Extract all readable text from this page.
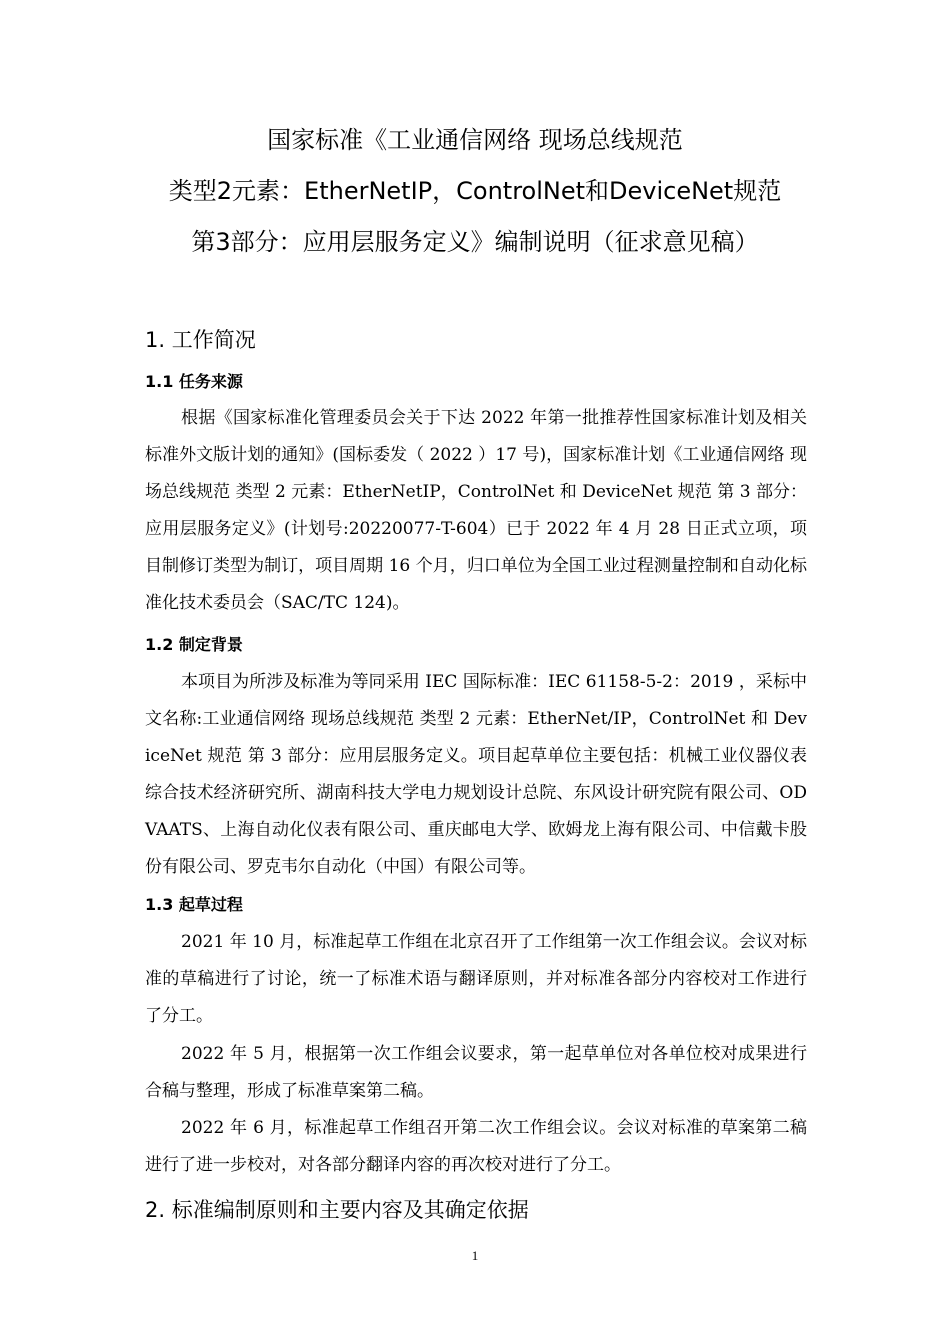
国家标准《工业通信网络 现场总线规范
类型2元素：EtherNetIP，ControlNet和DeviceNet规范
第3部分：应用层服务定义》编制说明（征求意见稿）
1. 工作简况
1.1 任务来源
根据《国家标准化管理委员会关于下达 2022 年第一批推荐性国家标准计划及相关标准外文版计划的通知》(国标委发（ 2022 ）17 号)，国家标准计划《工业通信网络 现场总线规范 类型 2 元素：EtherNetIP，ControlNet 和 DeviceNet 规范 第 3 部分：应用层服务定义》(计划号:20220077-T-604）已于 2022 年 4 月 28 日正式立项，项目制修订类型为制订，项目周期 16 个月，归口单位为全国工业过程测量控制和自动化标准化技术委员会（SAC/TC 124)。
1.2 制定背景
本项目为所涉及标准为等同采用 IEC 国际标准：IEC 61158-5-2：2019 ，采标中文名称:工业通信网络 现场总线规范 类型 2 元素：EtherNet/IP，ControlNet 和 DeviceNet 规范 第 3 部分：应用层服务定义。项目起草单位主要包括：机械工业仪器仪表综合技术经济研究所、湖南科技大学电力规划设计总院、东风设计研究院有限公司、ODVAATS、上海自动化仪表有限公司、重庆邮电大学、欧姆龙上海有限公司、中信戴卡股份有限公司、罗克韦尔自动化（中国）有限公司等。
1.3 起草过程
2021 年 10 月，标准起草工作组在北京召开了工作组第一次工作组会议。会议对标准的草稿进行了讨论，统一了标准术语与翻译原则，并对标准各部分内容校对工作进行了分工。
2022 年 5 月，根据第一次工作组会议要求，第一起草单位对各单位校对成果进行合稿与整理，形成了标准草案第二稿。
2022 年 6 月，标准起草工作组召开第二次工作组会议。会议对标准的草案第二稿进行了进一步校对，对各部分翻译内容的再次校对进行了分工。
2. 标准编制原则和主要内容及其确定依据
1
